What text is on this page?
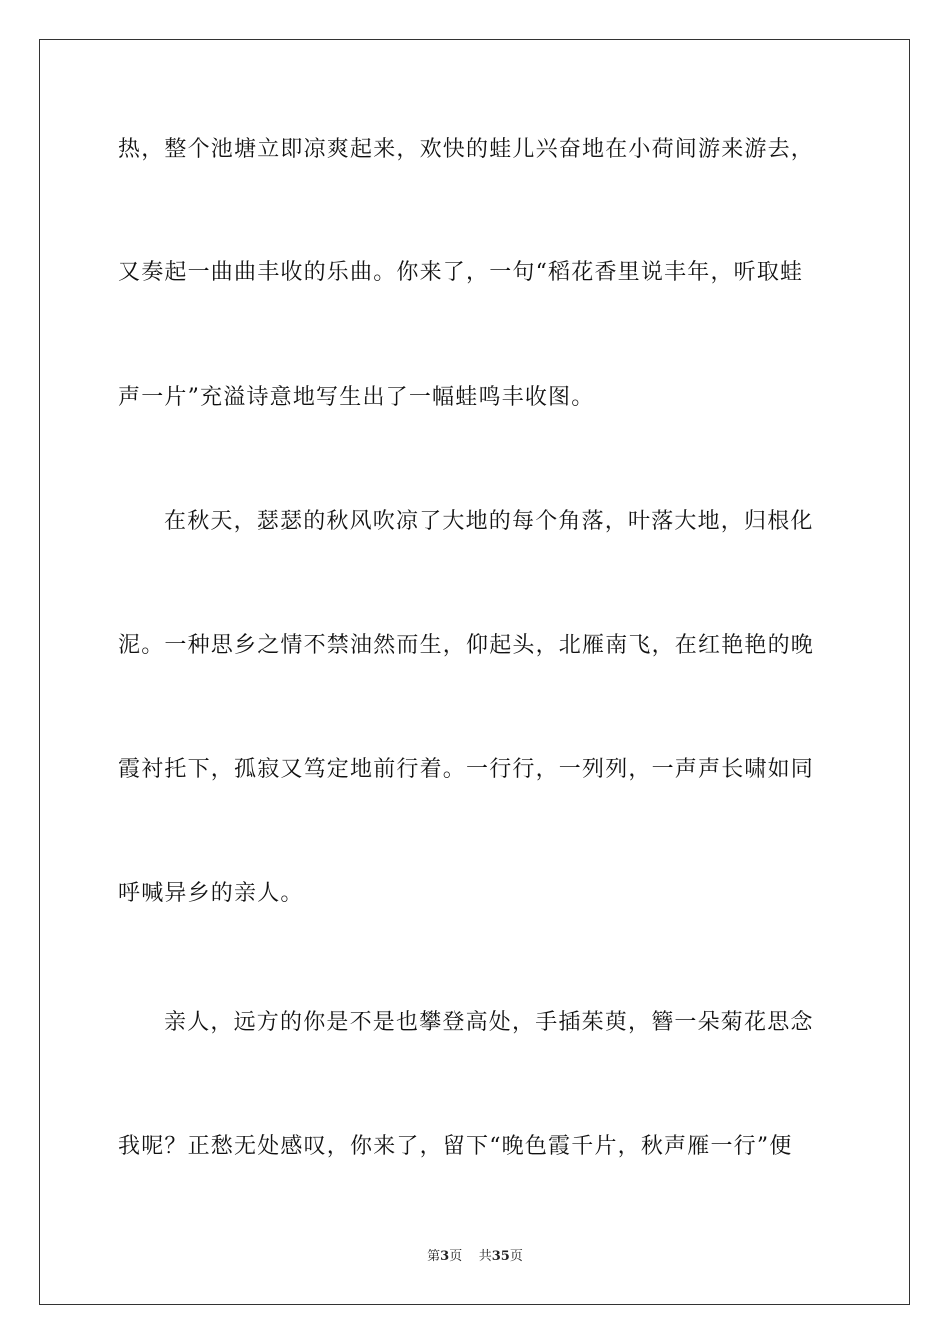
热，整个池塘立即凉爽起来，欢快的蛙儿兴奋地在小荷间游来游去，
又奏起一曲曲丰收的乐曲。你来了，一句“稻花香里说丰年，听取蛙
声一片”充溢诗意地写生出了一幅蛙鸣丰收图。
在秋天，瑟瑟的秋风吹凉了大地的每个角落，叶落大地，归根化
泥。一种思乡之情不禁油然而生，仰起头，北雁南飞，在红艳艳的晚
霞衬托下，孤寂又笃定地前行着。一行行，一列列，一声声长啸如同
呼喊异乡的亲人。
亲人，远方的你是不是也攀登高处，手插茱萸，簪一朵菊花思念
我呢？正愁无处感叹，你来了，留下“晚色霞千片，秋声雁一行”便
第3页 共35页
